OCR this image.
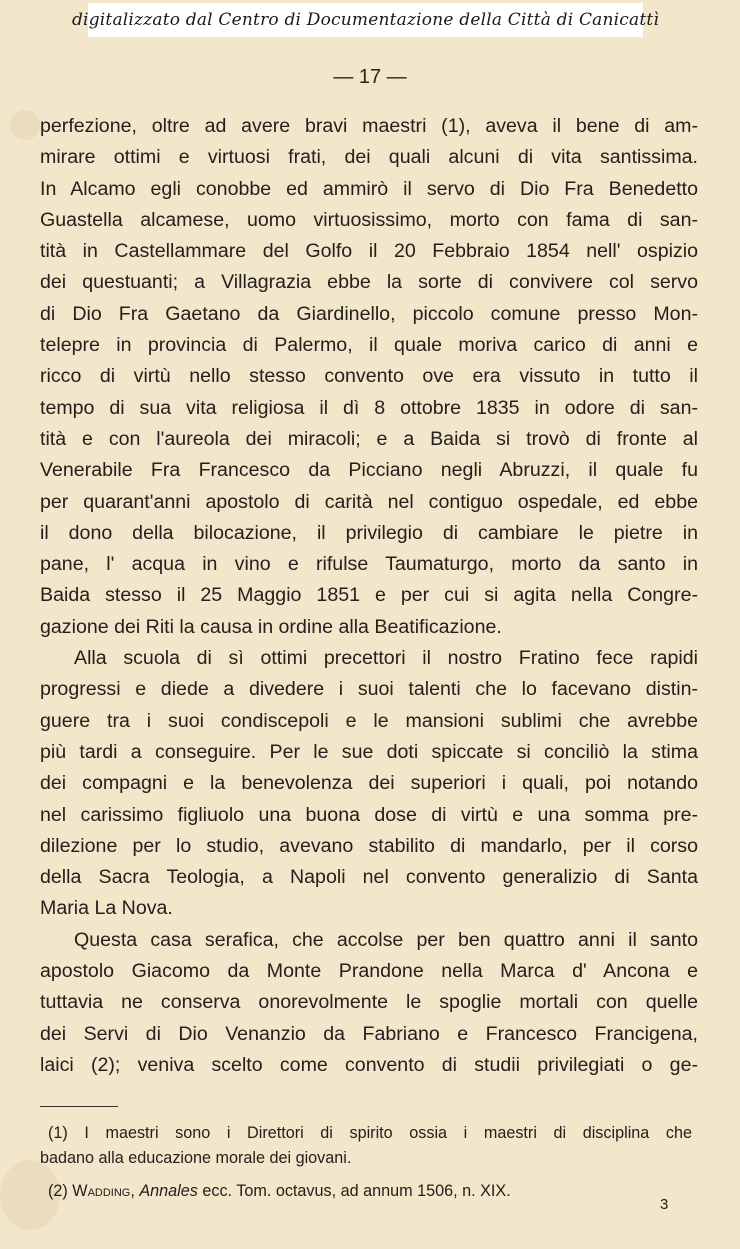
digitalizzato dal Centro di Documentazione della Città di Canicattì
— 17 —
perfezione, oltre ad avere bravi maestri (1), aveva il bene di am-
mirare ottimi e virtuosi frati, dei quali alcuni di vita santissima.
In Alcamo egli conobbe ed ammirò il servo di Dio Fra Benedetto
Guastella alcamese, uomo virtuosissimo, morto con fama di san-
tità in Castellammare del Golfo il 20 Febbraio 1854 nell' ospizio
dei questuanti; a Villagrazia ebbe la sorte di convivere col servo
di Dio Fra Gaetano da Giardinello, piccolo comune presso Mon-
telepre in provincia di Palermo, il quale moriva carico di anni e
ricco di virtù nello stesso convento ove era vissuto in tutto il
tempo di sua vita religiosa il dì 8 ottobre 1835 in odore di san-
tità e con l'aureola dei miracoli; e a Baida si trovò di fronte al
Venerabile Fra Francesco da Picciano negli Abruzzi, il quale fu
per quarant'anni apostolo di carità nel contiguo ospedale, ed ebbe
il dono della bilocazione, il privilegio di cambiare le pietre in
pane, l' acqua in vino e rifulse Taumaturgo, morto da santo in
Baida stesso il 25 Maggio 1851 e per cui si agita nella Congre-
gazione dei Riti la causa in ordine alla Beatificazione.
Alla scuola di sì ottimi precettori il nostro Fratino fece rapidi
progressi e diede a divedere i suoi talenti che lo facevano distin-
guere tra i suoi condiscepoli e le mansioni sublimi che avrebbe
più tardi a conseguire. Per le sue doti spiccate si conciliò la stima
dei compagni e la benevolenza dei superiori i quali, poi notando
nel carissimo figliuolo una buona dose di virtù e una somma pre-
dilezione per lo studio, avevano stabilito di mandarlo, per il corso
della Sacra Teologia, a Napoli nel convento generalizio di Santa
Maria La Nova.
Questa casa serafica, che accolse per ben quattro anni il santo
apostolo Giacomo da Monte Prandone nella Marca d' Ancona e
tuttavia ne conserva onorevolmente le spoglie mortali con quelle
dei Servi di Dio Venanzio da Fabriano e Francesco Francigena,
laici (2); veniva scelto come convento di studii privilegiati o ge-
(1) I maestri sono i Direttori di spirito ossia i maestri di disciplina che
badano alla educazione morale dei giovani.
(2) Wadding, Annales ecc. Tom. octavus, ad annum 1506, n. XIX.
3
